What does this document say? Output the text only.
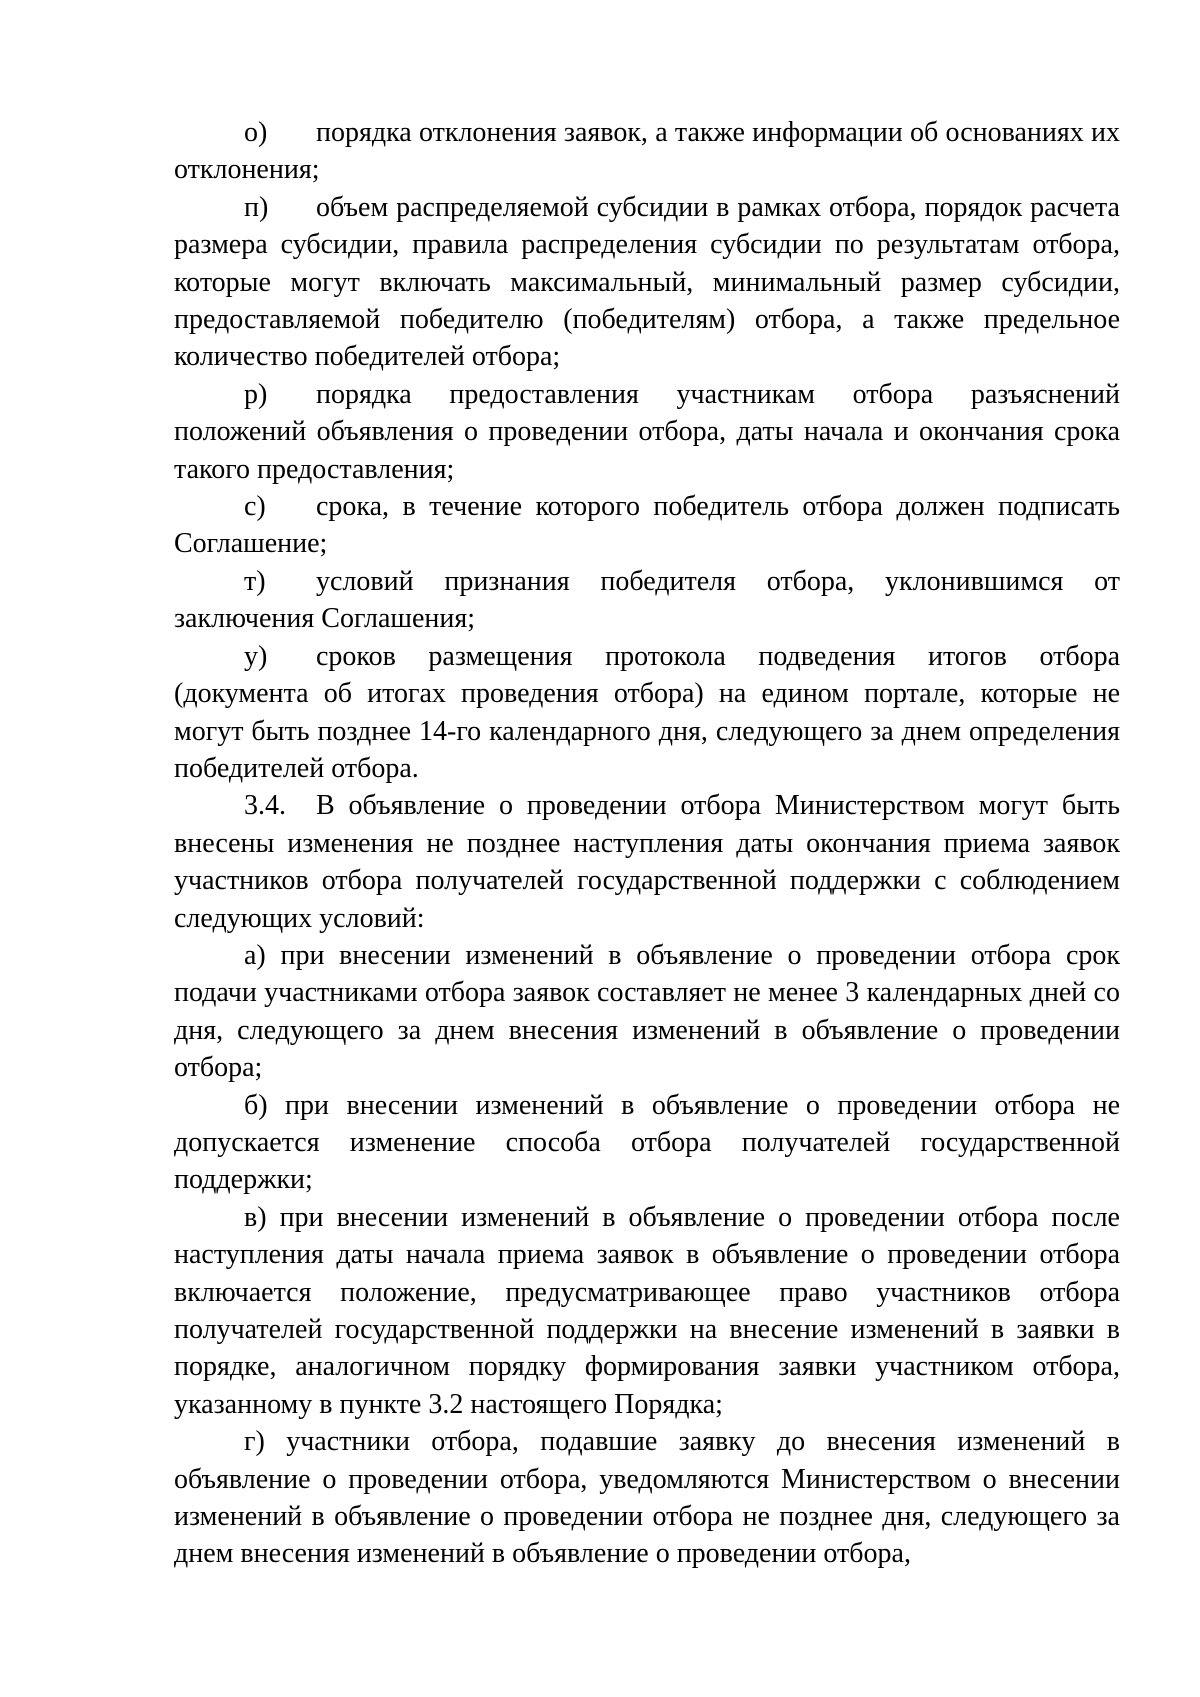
о) порядка отклонения заявок, а также информации об основаниях их отклонения;

п) объем распределяемой субсидии в рамках отбора, порядок расчета размера субсидии, правила распределения субсидии по результатам отбора, которые могут включать максимальный, минимальный размер субсидии, предоставляемой победителю (победителям) отбора, а также предельное количество победителей отбора;

р) порядка предоставления участникам отбора разъяснений положений объявления о проведении отбора, даты начала и окончания срока такого предоставления;

с) срока, в течение которого победитель отбора должен подписать Соглашение;

т) условий признания победителя отбора, уклонившимся от заключения Соглашения;

у) сроков размещения протокола подведения итогов отбора (документа об итогах проведения отбора) на едином портале, которые не могут быть позднее 14-го календарного дня, следующего за днем определения победителей отбора.

3.4. В объявление о проведении отбора Министерством могут быть внесены изменения не позднее наступления даты окончания приема заявок участников отбора получателей государственной поддержки с соблюдением следующих условий:

а) при внесении изменений в объявление о проведении отбора срок подачи участниками отбора заявок составляет не менее 3 календарных дней со дня, следующего за днем внесения изменений в объявление о проведении отбора;

б) при внесении изменений в объявление о проведении отбора не допускается изменение способа отбора получателей государственной поддержки;

в) при внесении изменений в объявление о проведении отбора после наступления даты начала приема заявок в объявление о проведении отбора включается положение, предусматривающее право участников отбора получателей государственной поддержки на внесение изменений в заявки в порядке, аналогичном порядку формирования заявки участником отбора, указанному в пункте 3.2 настоящего Порядка;

г) участники отбора, подавшие заявку до внесения изменений в объявление о проведении отбора, уведомляются Министерством о внесении изменений в объявление о проведении отбора не позднее дня, следующего за днем внесения изменений в объявление о проведении отбора,
